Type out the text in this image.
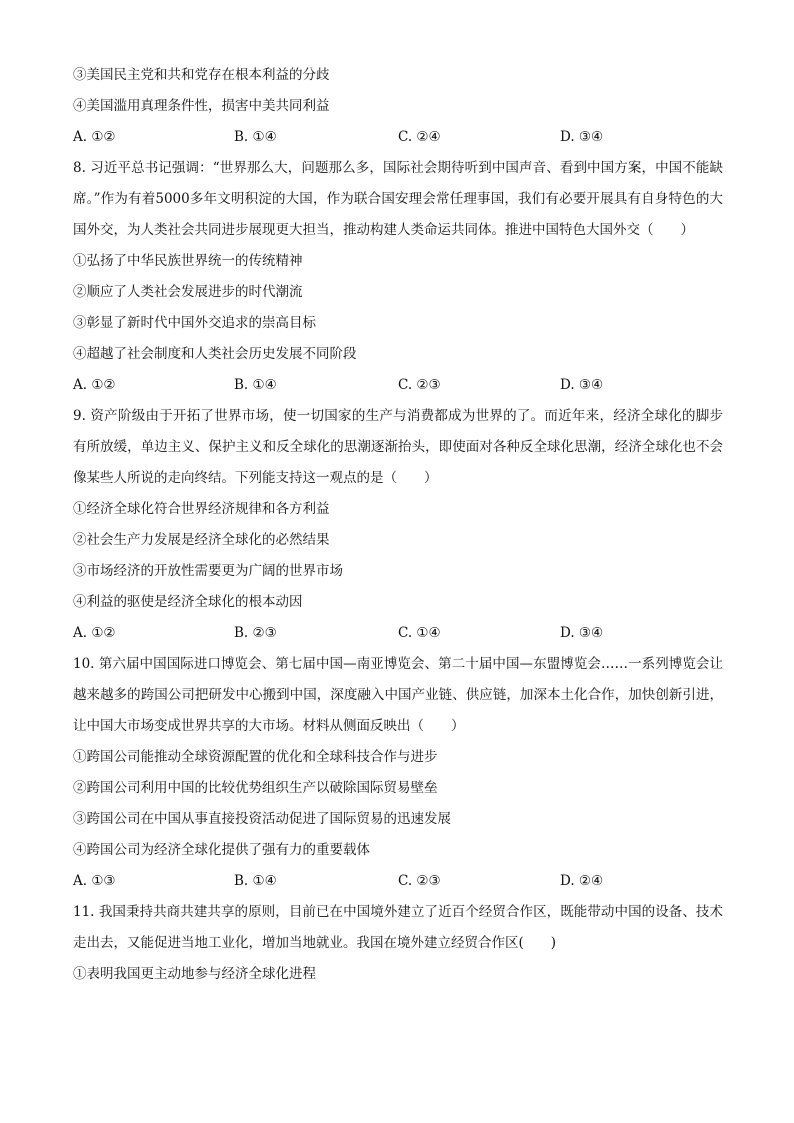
③美国民主党和共和党存在根本利益的分歧
④美国滥用真理条件性，损害中美共同利益
A. ①②	B. ①④	C. ②④	D. ③④
8. 习近平总书记强调：“世界那么大，问题那么多，国际社会期待听到中国声音、看到中国方案，中国不能缺席。”作为有着5000多年文明积淀的大国，作为联合国安理会常任理事国，我们有必要开展具有自身特色的大国外交，为人类社会共同进步展现更大担当，推动构建人类命运共同体。推进中国特色大国外交（　　）
①弘扬了中华民族世界统一的传统精神
②顺应了人类社会发展进步的时代潮流
③彰显了新时代中国外交追求的崇高目标
④超越了社会制度和人类社会历史发展不同阶段
A. ①②	B. ①④	C. ②③	D. ③④
9. 资产阶级由于开拓了世界市场，使一切国家的生产与消费都成为世界的了。而近年来，经济全球化的脚步有所放缓，单边主义、保护主义和反全球化的思潮逐渐抬头，即使面对各种反全球化思潮，经济全球化也不会像某些人所说的走向终结。下列能支持这一观点的是（　　）
①经济全球化符合世界经济规律和各方利益
②社会生产力发展是经济全球化的必然结果
③市场经济的开放性需要更为广阔的世界市场
④利益的驱使是经济全球化的根本动因
A. ①②	B. ②③	C. ①④	D. ③④
10. 第六届中国国际进口博览会、第七届中国—南亚博览会、第二十届中国—东盟博览会……一系列博览会让越来越多的跨国公司把研发中心搬到中国，深度融入中国产业链、供应链，加深本土化合作，加快创新引进，让中国大市场变成世界共享的大市场。材料从侧面反映出（　　）
①跨国公司能推动全球资源配置的优化和全球科技合作与进步
②跨国公司利用中国的比较优势组织生产以破除国际贸易壁垒
③跨国公司在中国从事直接投资活动促进了国际贸易的迅速发展
④跨国公司为经济全球化提供了强有力的重要载体
A. ①③	B. ①④	C. ②③	D. ②④
11. 我国秉持共商共建共享的原则，目前已在中国境外建立了近百个经贸合作区，既能带动中国的设备、技术走出去，又能促进当地工业化，增加当地就业。我国在境外建立经贸合作区(　　)
①表明我国更主动地参与经济全球化进程
